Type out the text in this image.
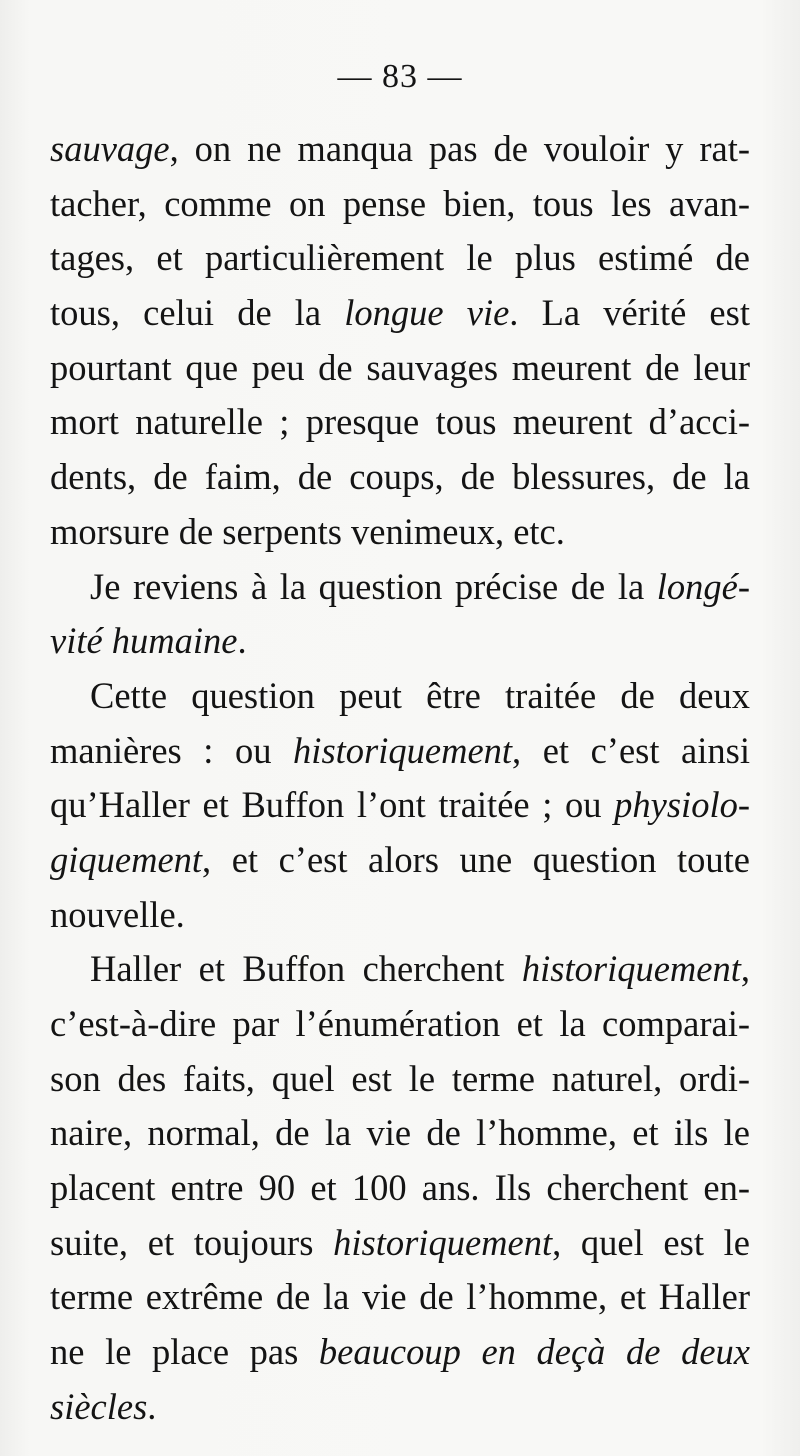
— 83 —
sauvage, on ne manqua pas de vouloir y rat-
tacher, comme on pense bien, tous les avan-
tages, et particulièrement le plus estimé de
tous, celui de la longue vie. La vérité est
pourtant que peu de sauvages meurent de leur
mort naturelle ; presque tous meurent d’acci-
dents, de faim, de coups, de blessures, de la
morsure de serpents venimeux, etc.
Je reviens à la question précise de la longé-
vité humaine.
Cette question peut être traitée de deux
manières : ou historiquement, et c’est ainsi
qu’Haller et Buffon l’ont traitée ; ou physiolo-
giquement, et c’est alors une question toute
nouvelle.
Haller et Buffon cherchent historiquement,
c’est-à-dire par l’énumération et la comparai-
son des faits, quel est le terme naturel, ordi-
naire, normal, de la vie de l’homme, et ils le
placent entre 90 et 100 ans. Ils cherchent en-
suite, et toujours historiquement, quel est le
terme extrême de la vie de l’homme, et Haller
ne le place pas beaucoup en deçà de deux
siècles.
